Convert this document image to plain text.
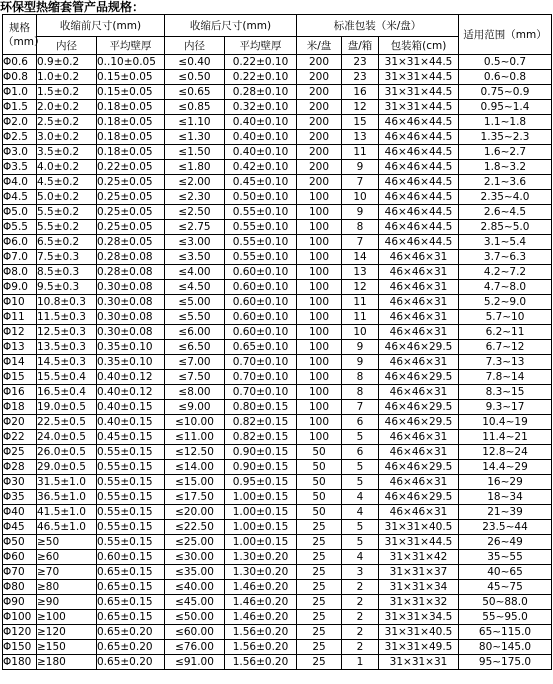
环保型热缩套管产品规格：
规格（mm）	收缩前尺寸(mm)		收缩后尺寸(mm)		标准包装（米/盘）			适用范围（mm）
	内径	平均壁厚	内径	平均壁厚	米/盘	盘/箱	包装箱(cm)	
Φ0.6	0.9±0.2	0..10±0.05	≤0.40	0.22±0.10	200	23	31×31×44.5	0.5~0.7
Φ0.8	1.0±0.2	0.15±0.05	≤0.50	0.22±0.10	200	23	31×31×44.5	0.6~0.8
Φ1.0	1.5±0.2	0.15±0.05	≤0.65	0.28±0.10	200	16	31×31×44.5	0.75~0.9
Φ1.5	2.0±0.2	0.18±0.05	≤0.85	0.32±0.10	200	12	31×31×44.5	0.95~1.4
Φ2.0	2.5±0.2	0.18±0.05	≤1.10	0.40±0.10	200	15	46×46×44.5	1.1~1.8
Φ2.5	3.0±0.2	0.18±0.05	≤1.30	0.40±0.10	200	13	46×46×44.5	1.35~2.3
Φ3.0	3.5±0.2	0.18±0.05	≤1.50	0.40±0.10	200	11	46×46×44.5	1.6~2.7
Φ3.5	4.0±0.2	0.22±0.05	≤1.80	0.42±0.10	200	9	46×46×44.5	1.8~3.2
Φ4.0	4.5±0.2	0.25±0.05	≤2.00	0.45±0.10	200	7	46×46×44.5	2.1~3.6
Φ4.5	5.0±0.2	0.25±0.05	≤2.30	0.50±0.10	100	10	46×46×44.5	2.35~4.0
Φ5.0	5.5±0.2	0.25±0.05	≤2.50	0.55±0.10	100	9	46×46×44.5	2.6~4.5
Φ5.5	5.5±0.2	0.25±0.05	≤2.75	0.55±0.10	100	8	46×46×44.5	2.85~5.0
Φ6.0	6.5±0.2	0.28±0.05	≤3.00	0.55±0.10	100	7	46×46×44.5	3.1~5.4
Φ7.0	7.5±0.3	0.28±0.08	≤3.50	0.55±0.10	100	14	46×46×31	3.7~6.3
Φ8.0	8.5±0.3	0.28±0.08	≤4.00	0.60±0.10	100	13	46×46×31	4.2~7.2
Φ9.0	9.5±0.3	0.30±0.08	≤4.50	0.60±0.10	100	12	46×46×31	4.7~8.0
Φ10	10.8±0.3	0.30±0.08	≤5.00	0.60±0.10	100	11	46×46×31	5.2~9.0
Φ11	11.5±0.3	0.30±0.08	≤5.50	0.60±0.10	100	11	46×46×31	5.7~10
Φ12	12.5±0.3	0.30±0.08	≤6.00	0.60±0.10	100	10	46×46×31	6.2~11
Φ13	13.5±0.3	0.35±0.10	≤6.50	0.65±0.10	100	9	46×46×29.5	6.7~12
Φ14	14.5±0.3	0.35±0.10	≤7.00	0.70±0.10	100	9	46×46×31	7.3~13
Φ15	15.5±0.4	0.40±0.12	≤7.50	0.70±0.10	100	8	46×46×29.5	7.8~14
Φ16	16.5±0.4	0.40±0.12	≤8.00	0.70±0.10	100	8	46×46×31	8.3~15
Φ18	19.0±0.5	0.40±0.15	≤9.00	0.80±0.15	100	7	46×46×29.5	9.3~17
Φ20	22.5±0.5	0.40±0.15	≤10.00	0.82±0.15	100	6	46×46×29.5	10.4~19
Φ22	24.0±0.5	0.45±0.15	≤11.00	0.82±0.15	100	5	46×46×31	11.4~21
Φ25	26.0±0.5	0.55±0.15	≤12.50	0.90±0.15	50	6	46×46×31	12.8~24
Φ28	29.0±0.5	0.55±0.15	≤14.00	0.90±0.15	50	5	46×46×29.5	14.4~29
Φ30	31.5±1.0	0.55±0.15	≤15.00	0.95±0.15	50	5	46×46×31	16~29
Φ35	36.5±1.0	0.55±0.15	≤17.50	1.00±0.15	50	4	46×46×29.5	18~34
Φ40	41.5±1.0	0.55±0.15	≤20.00	1.00±0.15	50	4	46×46×31	21~39
Φ45	46.5±1.0	0.55±0.15	≤22.50	1.00±0.15	25	5	31×31×40.5	23.5~44
Φ50	≥50	0.55±0.15	≤25.00	1.00±0.15	25	5	31×31×44.5	26~49
Φ60	≥60	0.60±0.15	≤30.00	1.30±0.20	25	4	31×31×42	35~55
Φ70	≥70	0.65±0.15	≤35.00	1.30±0.20	25	3	31×31×37	40~65
Φ80	≥80	0.65±0.15	≤40.00	1.46±0.20	25	2	31×31×34	45~75
Φ90	≥90	0.65±0.15	≤45.00	1.46±0.20	25	2	31×31×32	50~88.0
Φ100	≥100	0.65±0.15	≤50.00	1.46±0.20	25	2	31×31×34.5	55~95.0
Φ120	≥120	0.65±0.20	≤60.00	1.56±0.20	25	2	31×31×40.5	65~115.0
Φ150	≥150	0.65±0.20	≤76.00	1.56±0.20	25	2	31×31×49.5	80~145.0
Φ180	≥180	0.65±0.20	≤91.00	1.56±0.20	25	1	31×31×31	95~175.0
